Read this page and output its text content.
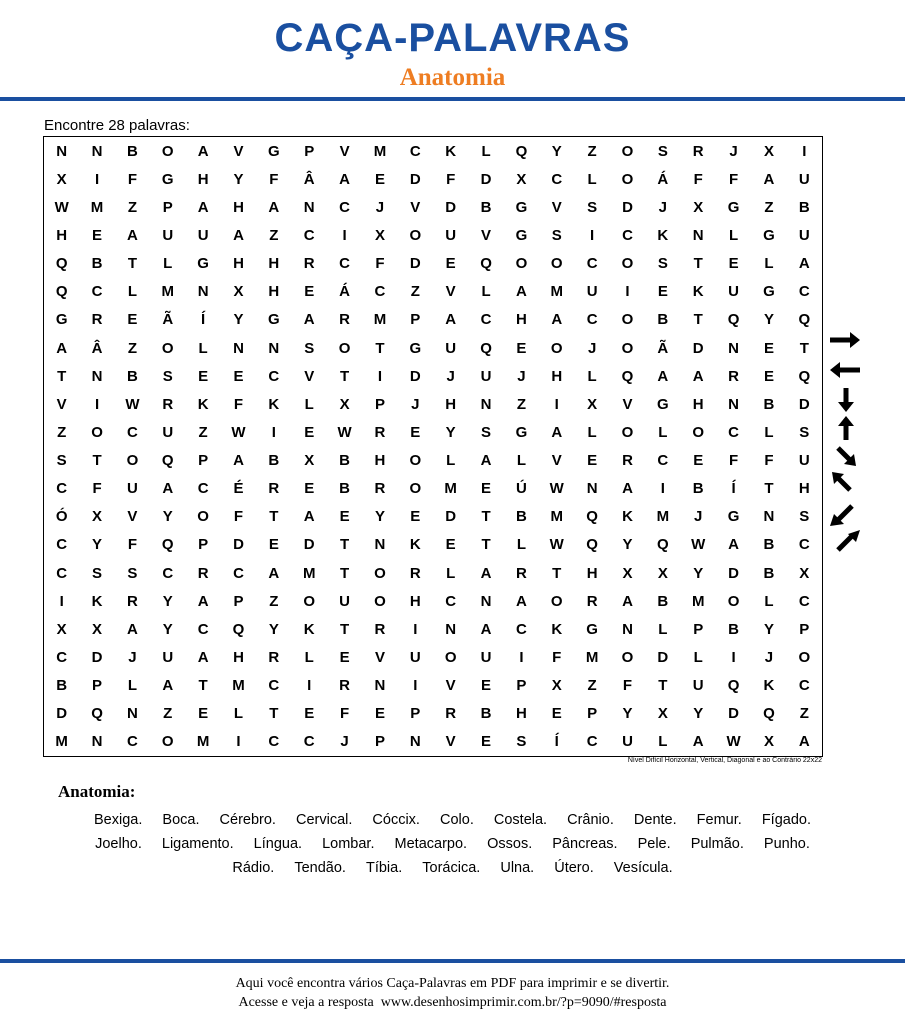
CAÇA-PALAVRAS
Anatomia
Encontre 28 palavras:
N	N	B	O	A	V	G	P	V	M	C	K	L	Q	Y	Z	O	S	R	J	X	I
X	I	F	G	H	Y	F	Â	A	E	D	F	D	X	C	L	O	Á	F	F	A	U
W	M	Z	P	A	H	A	N	C	J	V	D	B	G	V	S	D	J	X	G	Z	B
H	E	A	U	U	A	Z	C	I	X	O	U	V	G	S	I	C	K	N	L	G	U
Q	B	T	L	G	H	H	R	C	F	D	E	Q	O	O	C	O	S	T	E	L	A
Q	C	L	M	N	X	H	E	Á	C	Z	V	L	A	M	U	I	E	K	U	G	C
G	R	E	Ã	Í	Y	G	A	R	M	P	A	C	H	A	C	O	B	T	Q	Y	Q
A	Â	Z	O	L	N	N	S	O	T	G	U	Q	E	O	J	O	Ã	D	N	E	T
T	N	B	S	E	E	C	V	T	I	D	J	U	J	H	L	Q	A	A	R	E	Q
V	I	W	R	K	F	K	L	X	P	J	H	N	Z	I	X	V	G	H	N	B	D
Z	O	C	U	Z	W	I	E	W	R	E	Y	S	G	A	L	O	L	O	C	L	S
S	T	O	Q	P	A	B	X	B	H	O	L	A	L	V	E	R	C	E	F	F	U
C	F	U	A	C	É	R	E	B	R	O	M	E	Ú	W	N	A	I	B	Í	T	H
Ó	X	V	Y	O	F	T	A	E	Y	E	D	T	B	M	Q	K	M	J	G	N	S
C	Y	F	Q	P	D	E	D	T	N	K	E	T	L	W	Q	Y	Q	W	A	B	C
C	S	S	C	R	C	A	M	T	O	R	L	A	R	T	H	X	X	Y	D	B	X
I	K	R	Y	A	P	Z	O	U	O	H	C	N	A	O	R	A	B	M	O	L	C
X	X	A	Y	C	Q	Y	K	T	R	I	N	A	C	K	G	N	L	P	B	Y	P
C	D	J	U	A	H	R	L	E	V	U	O	U	I	F	M	O	D	L	I	J	O
B	P	L	A	T	M	C	I	R	N	I	V	E	P	X	Z	F	T	U	Q	K	C
D	Q	N	Z	E	L	T	E	F	E	P	R	B	H	E	P	Y	X	Y	D	Q	Z
M	N	C	O	M	I	C	C	J	P	N	V	E	S	Í	C	U	L	A	W	X	A
Nível Difícil Horizontal, Vertical, Diagonal e ao Contrário 22x22
Anatomia:
Bexiga. Boca. Cérebro. Cervical. Cóccix. Colo. Costela. Crânio. Dente. Femur. Fígado. Joelho. Ligamento. Língua. Lombar. Metacarpo. Ossos. Pâncreas. Pele. Pulmão. Punho. Rádio. Tendão. Tíbia. Torácica. Ulna. Útero. Vesícula.
Aqui você encontra vários Caça-Palavras em PDF para imprimir e se divertir.
Acesse e veja a resposta  www.desenhosimprimir.com.br/?p=9090/#resposta
